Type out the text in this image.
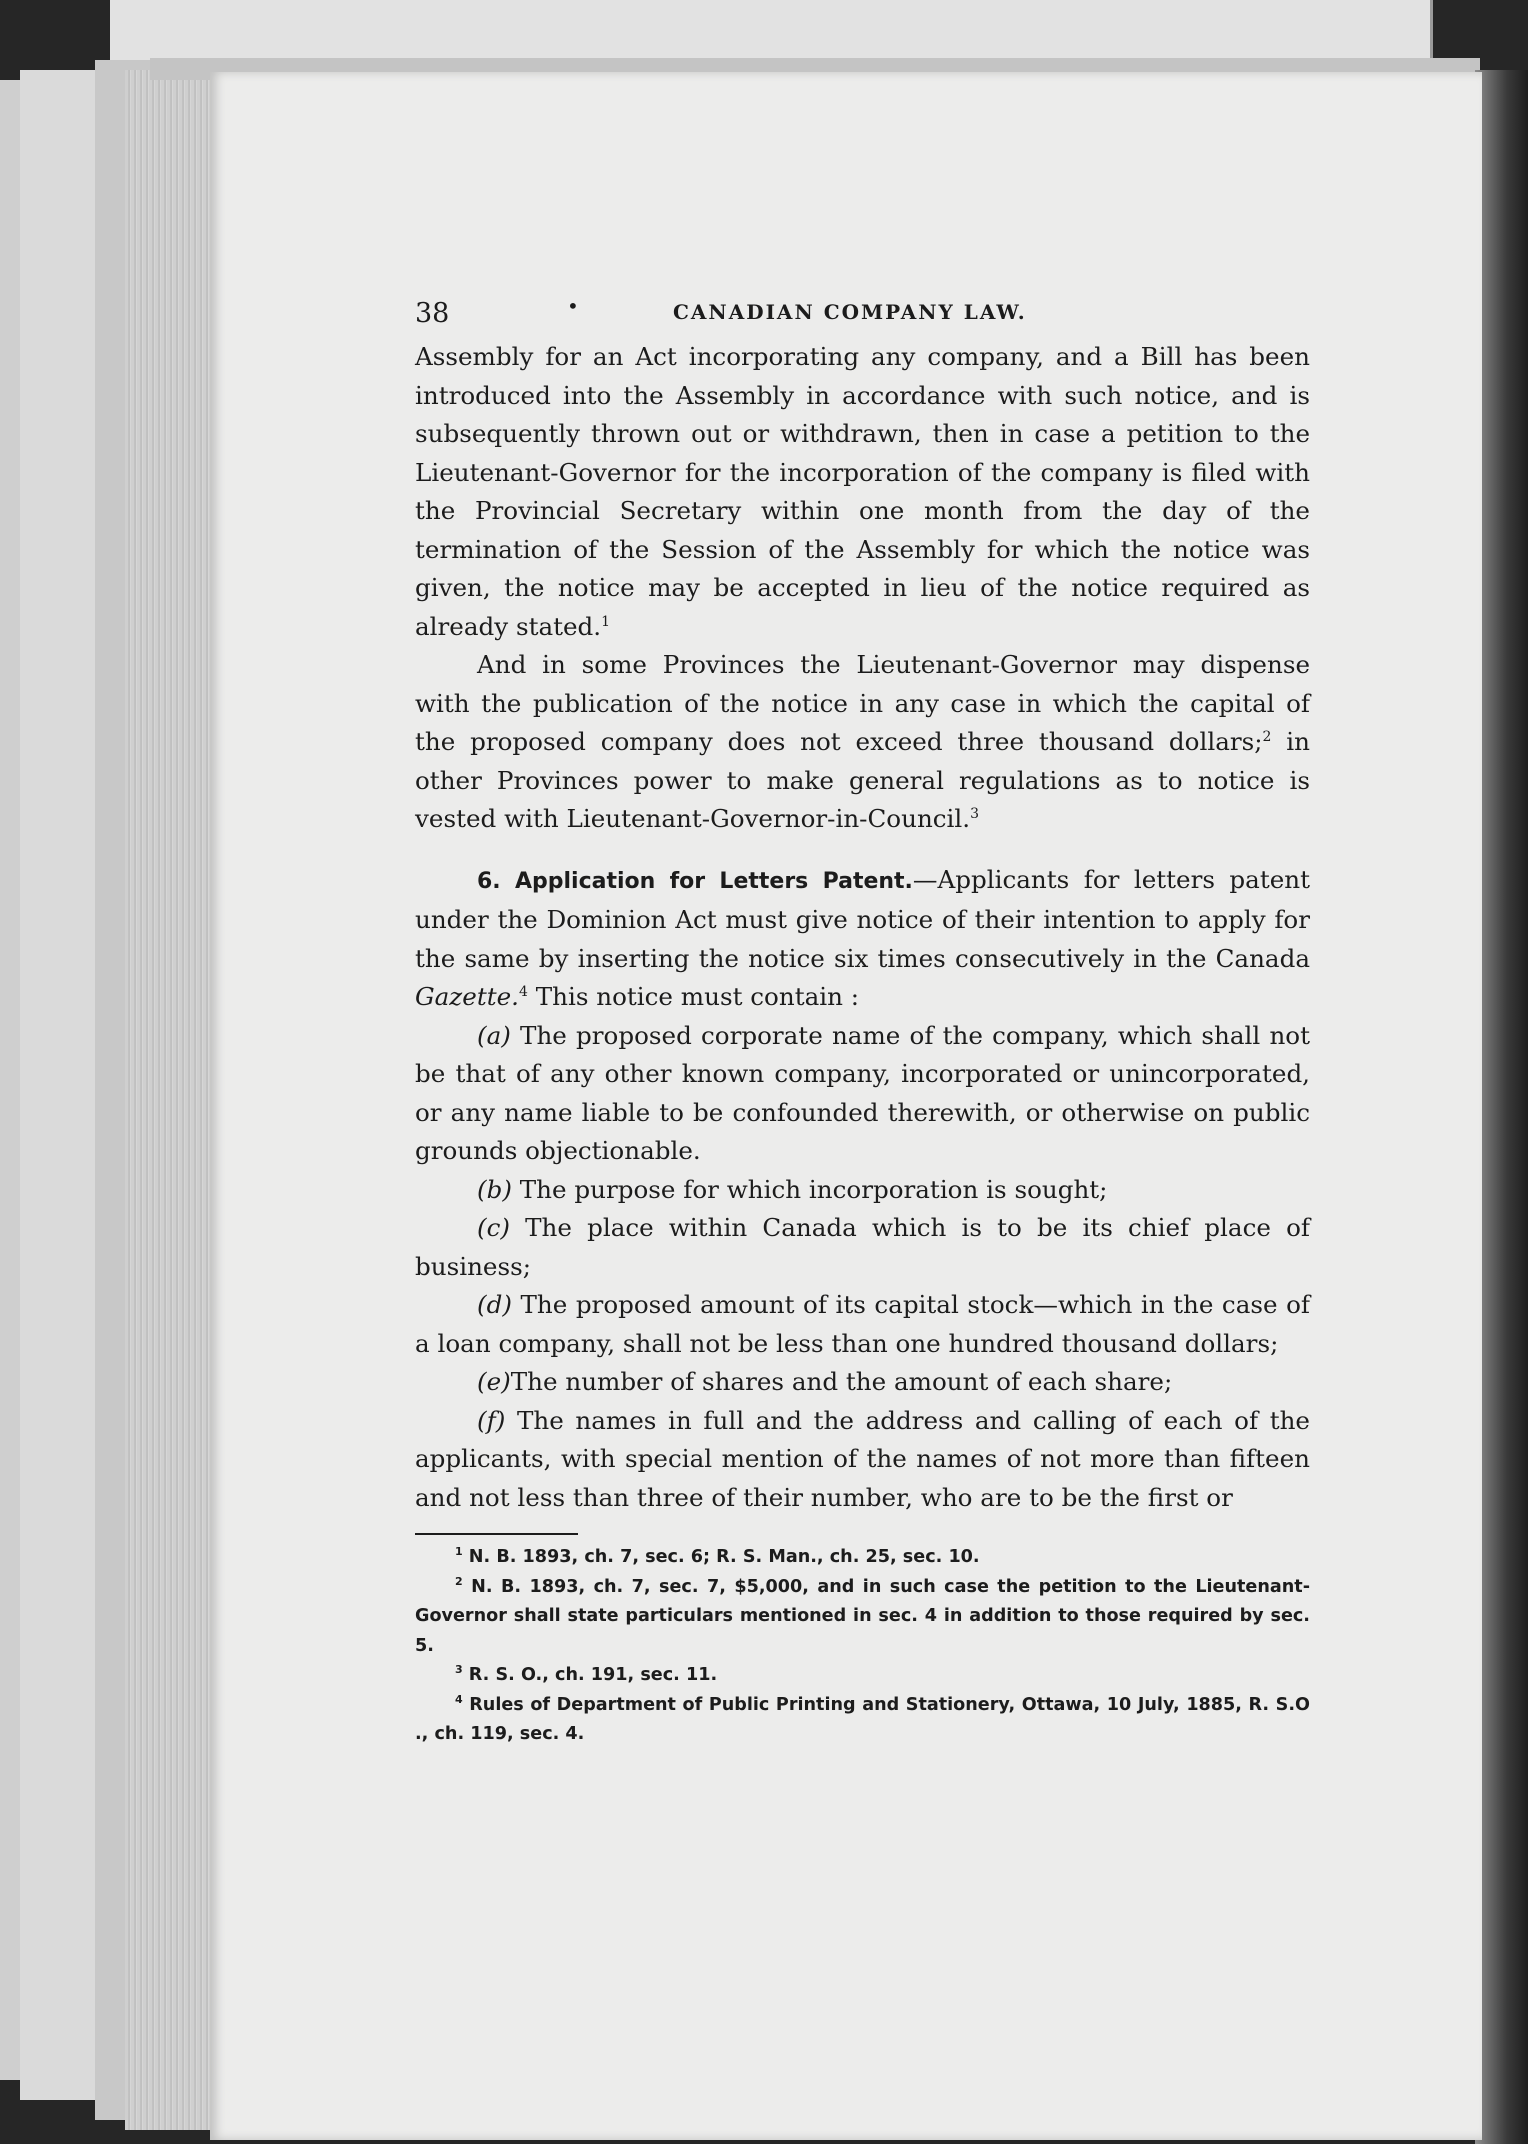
38	•	CANADIAN COMPANY LAW.

Assembly for an Act incorporating any company, and a Bill has been introduced into the Assembly in accordance with such notice, and is subsequently thrown out or withdrawn, then in case a petition to the Lieutenant-Governor for the incorporation of the company is filed with the Provincial Secretary within one month from the day of the termination of the Session of the Assembly for which the notice was given, the notice may be accepted in lieu of the notice required as already stated.$^1$

And in some Provinces the Lieutenant-Governor may dispense with the publication of the notice in any case in which the capital of the proposed company does not exceed three thousand dollars;$^2$ in other Provinces power to make general regulations as to notice is vested with Lieutenant-Governor-in-Council.$^3$

6. Application for Letters Patent.—Applicants for letters patent under the Dominion Act must give notice of their intention to apply for the same by inserting the notice six times consecutively in the Canada Gazette.$^4$ This notice must contain :

(a) The proposed corporate name of the company, which shall not be that of any other known company, incorporated or unincorporated, or any name liable to be confounded therewith, or otherwise on public grounds objectionable.

(b) The purpose for which incorporation is sought;

(c) The place within Canada which is to be its chief place of business;

(d) The proposed amount of its capital stock—which in the case of a loan company, shall not be less than one hundred thousand dollars;

(e)The number of shares and the amount of each share;

(f) The names in full and the address and calling of each of the applicants, with special mention of the names of not more than fifteen and not less than three of their number, who are to be the first or

$^1$ N. B. 1893, ch. 7, sec. 6; R. S. Man., ch. 25, sec. 10.

$^2$ N. B. 1893, ch. 7, sec. 7, $5,000, and in such case the petition to the Lieutenant-Governor shall state particulars mentioned in sec. 4 in addition to those required by sec. 5.

$^3$ R. S. O., ch. 191, sec. 11.

$^4$ Rules of Department of Public Printing and Stationery, Ottawa, 10 July, 1885, R. S.O ., ch. 119, sec. 4.
